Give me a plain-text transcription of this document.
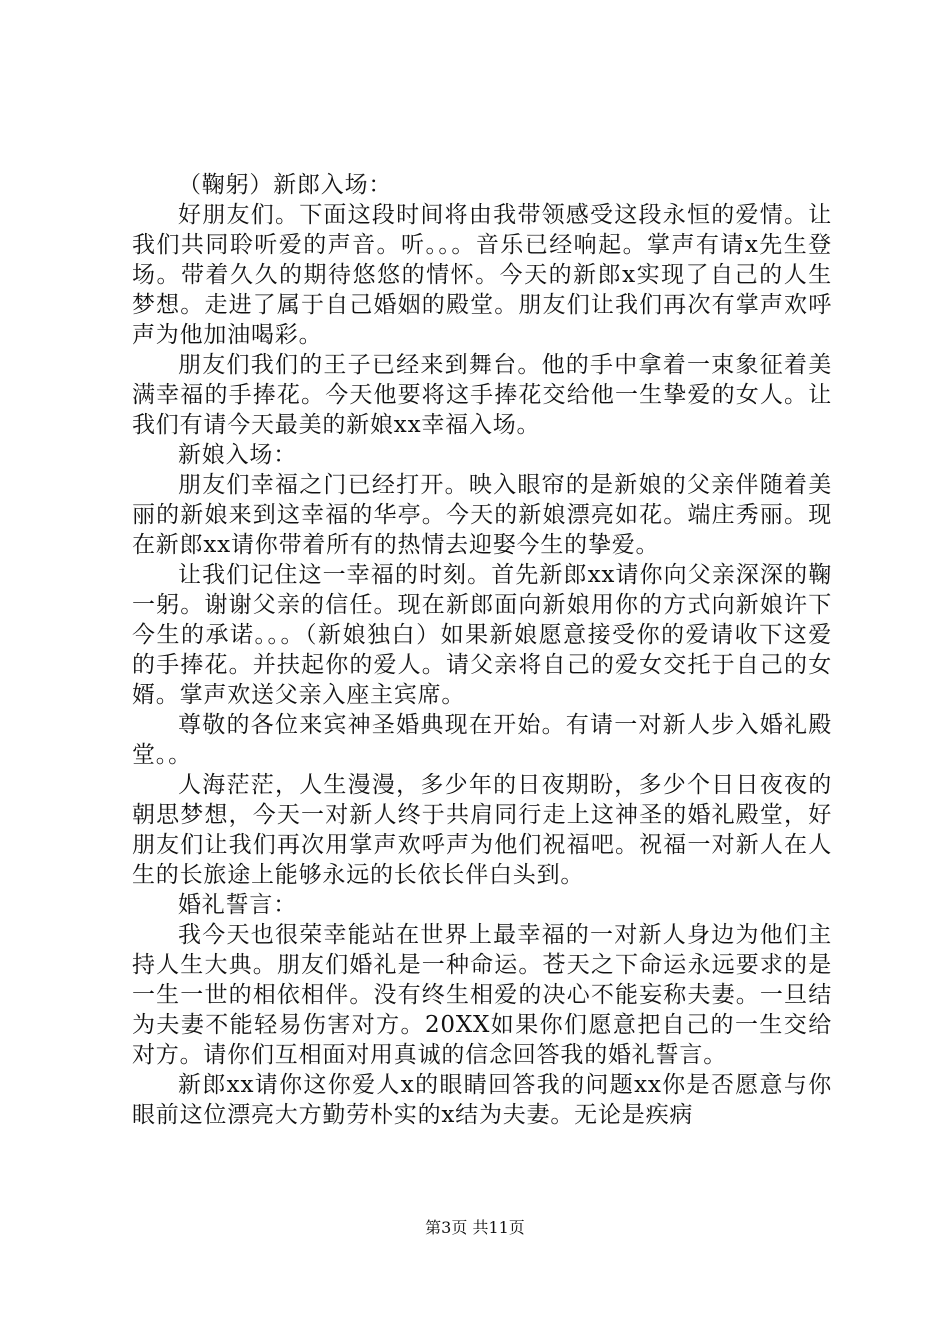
（鞠躬）新郎入场：

好朋友们。下面这段时间将由我带领感受这段永恒的爱情。让我们共同聆听爱的声音。听。。。音乐已经响起。掌声有请x先生登场。带着久久的期待悠悠的情怀。今天的新郎x实现了自己的人生梦想。走进了属于自己婚姻的殿堂。朋友们让我们再次有掌声欢呼声为他加油喝彩。

朋友们我们的王子已经来到舞台。他的手中拿着一束象征着美满幸福的手捧花。今天他要将这手捧花交给他一生挚爱的女人。让我们有请今天最美的新娘xx幸福入场。

新娘入场：

朋友们幸福之门已经打开。映入眼帘的是新娘的父亲伴随着美丽的新娘来到这幸福的华亭。今天的新娘漂亮如花。端庄秀丽。现在新郎xx请你带着所有的热情去迎娶今生的挚爱。

让我们记住这一幸福的时刻。首先新郎xx请你向父亲深深的鞠一躬。谢谢父亲的信任。现在新郎面向新娘用你的方式向新娘许下今生的承诺。。。（新娘独白）如果新娘愿意接受你的爱请收下这爱的手捧花。并扶起你的爱人。请父亲将自己的爱女交托于自己的女婿。掌声欢送父亲入座主宾席。

尊敬的各位来宾神圣婚典现在开始。有请一对新人步入婚礼殿堂。。

人海茫茫，人生漫漫，多少年的日夜期盼，多少个日日夜夜的朝思梦想，今天一对新人终于共肩同行走上这神圣的婚礼殿堂，好朋友们让我们再次用掌声欢呼声为他们祝福吧。祝福一对新人在人生的长旅途上能够永远的长依长伴白头到。

婚礼誓言：

我今天也很荣幸能站在世界上最幸福的一对新人身边为他们主持人生大典。朋友们婚礼是一种命运。苍天之下命运永远要求的是一生一世的相依相伴。没有终生相爱的决心不能妄称夫妻。一旦结为夫妻不能轻易伤害对方。20XX如果你们愿意把自己的一生交给对方。请你们互相面对用真诚的信念回答我的婚礼誓言。

新郎xx请你这你爱人x的眼睛回答我的问题xx你是否愿意与你眼前这位漂亮大方勤劳朴实的x结为夫妻。无论是疾病

第3页 共11页
